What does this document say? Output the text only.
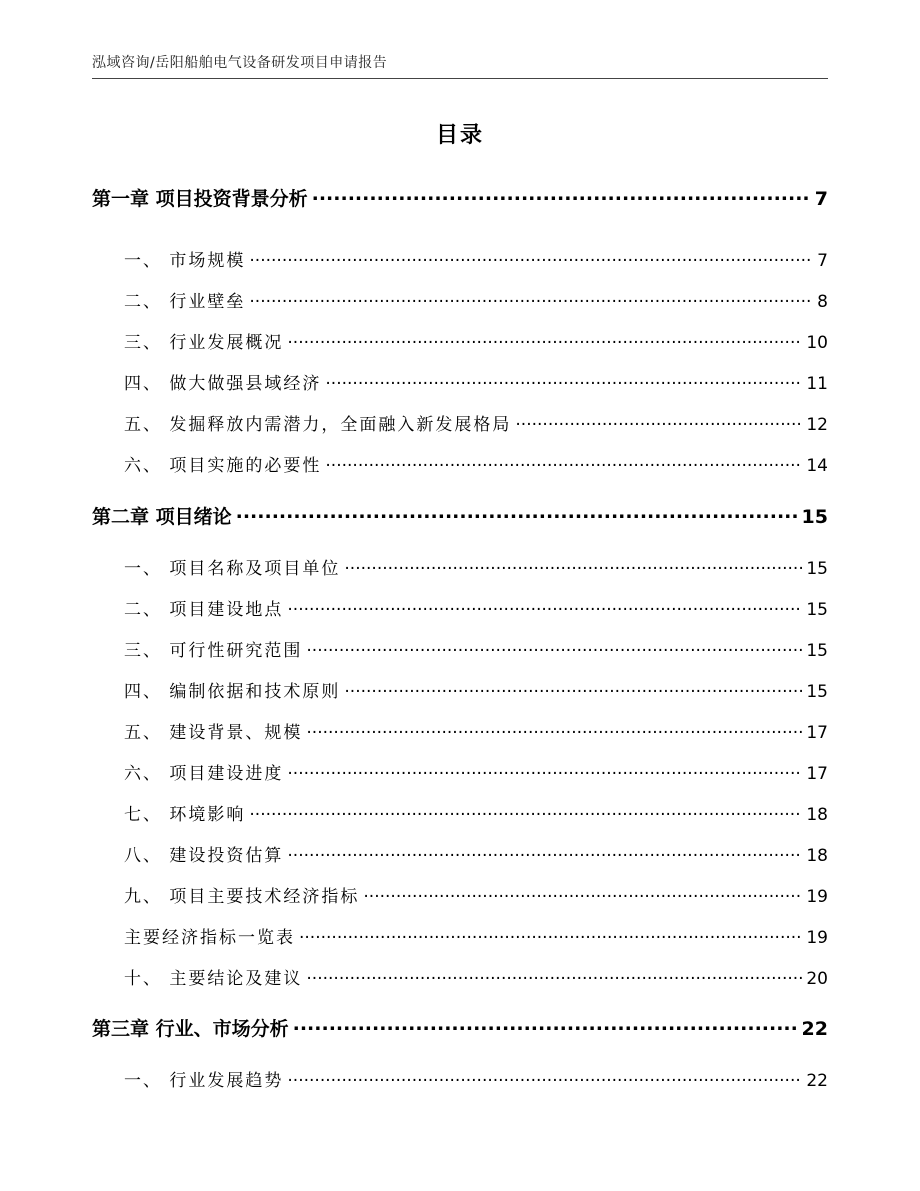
泓域咨询/岳阳船舶电气设备研发项目申请报告
目录
第一章 项目投资背景分析 .....	7
一、 市场规模 .....	7
二、 行业壁垒 .....	8
三、 行业发展概况 .....	10
四、 做大做强县域经济 .....	11
五、 发掘释放内需潜力，全面融入新发展格局 .....	12
六、 项目实施的必要性 .....	14
第二章 项目绪论 .....	15
一、 项目名称及项目单位 .....	15
二、 项目建设地点 .....	15
三、 可行性研究范围 .....	15
四、 编制依据和技术原则 .....	15
五、 建设背景、规模 .....	17
六、 项目建设进度 .....	17
七、 环境影响 .....	18
八、 建设投资估算 .....	18
九、 项目主要技术经济指标 .....	19
主要经济指标一览表 .....	19
十、 主要结论及建议 .....	20
第三章 行业、市场分析 .....	22
一、 行业发展趋势 .....	22
